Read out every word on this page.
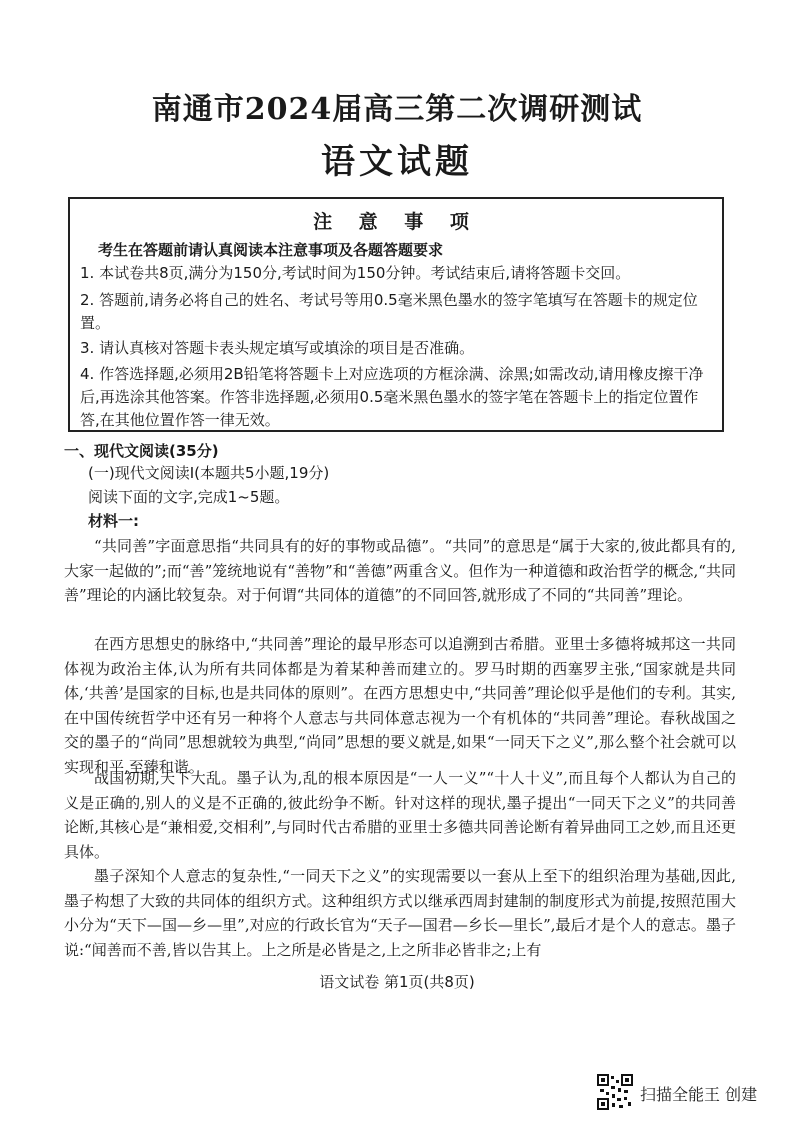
南通市2024届高三第二次调研测试
语文试题
注 意 事 项
考生在答题前请认真阅读本注意事项及各题答题要求
1. 本试卷共8页,满分为150分,考试时间为150分钟。考试结束后,请将答题卡交回。
2. 答题前,请务必将自己的姓名、考试号等用0.5毫米黑色墨水的签字笔填写在答题卡的规定位置。
3. 请认真核对答题卡表头规定填写或填涂的项目是否准确。
4. 作答选择题,必须用2B铅笔将答题卡上对应选项的方框涂满、涂黑;如需改动,请用橡皮擦干净后,再选涂其他答案。作答非选择题,必须用0.5毫米黑色墨水的签字笔在答题卡上的指定位置作答,在其他位置作答一律无效。
一、现代文阅读(35分)
(一)现代文阅读Ⅰ(本题共5小题,19分)
阅读下面的文字,完成1~5题。
材料一:
“共同善”字面意思指“共同具有的好的事物或品德”。“共同”的意思是“属于大家的,彼此都具有的,大家一起做的”;而“善”笼统地说有“善物”和“善德”两重含义。但作为一种道德和政治哲学的概念,“共同善”理论的内涵比较复杂。对于何谓“共同体的道德”的不同回答,就形成了不同的“共同善”理论。
在西方思想史的脉络中,“共同善”理论的最早形态可以追溯到古希腊。亚里士多德将城邦这一共同体视为政治主体,认为所有共同体都是为着某种善而建立的。罗马时期的西塞罗主张,“国家就是共同体,‘共善’是国家的目标,也是共同体的原则”。在西方思想史中,“共同善”理论似乎是他们的专利。其实,在中国传统哲学中还有另一种将个人意志与共同体意志视为一个有机体的“共同善”理论。春秋战国之交的墨子的“尚同”思想就较为典型,“尚同”思想的要义就是,如果“一同天下之义”,那么整个社会就可以实现和平,至臻和谐。
战国初期,天下大乱。墨子认为,乱的根本原因是“一人一义”“十人十义”,而且每个人都认为自己的义是正确的,别人的义是不正确的,彼此纷争不断。针对这样的现状,墨子提出“一同天下之义”的共同善论断,其核心是“兼相爱,交相利”,与同时代古希腊的亚里士多德共同善论断有着异曲同工之妙,而且还更具体。
墨子深知个人意志的复杂性,“一同天下之义”的实现需要以一套从上至下的组织治理为基础,因此,墨子构想了大致的共同体的组织方式。这种组织方式以继承西周封建制的制度形式为前提,按照范围大小分为“天下—国—乡—里”,对应的行政长官为“天子—国君—乡长—里长”,最后才是个人的意志。墨子说:“闻善而不善,皆以告其上。上之所是必皆是之,上之所非必皆非之;上有
语文试卷 第1页(共8页)
扫描全能王 创建
